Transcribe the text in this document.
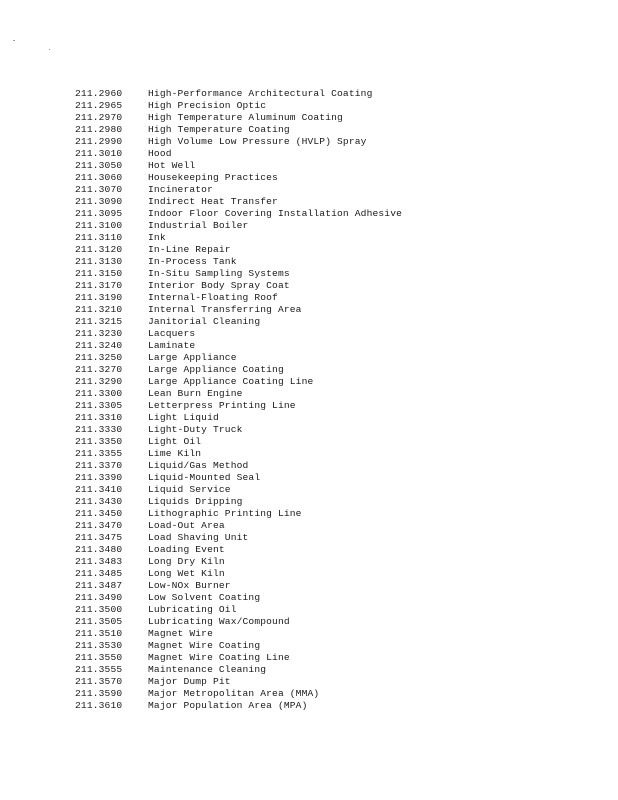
211.2960	High-Performance Architectural Coating
211.2965	High Precision Optic
211.2970	High Temperature Aluminum Coating
211.2980	High Temperature Coating
211.2990	High Volume Low Pressure (HVLP) Spray
211.3010	Hood
211.3050	Hot Well
211.3060	Housekeeping Practices
211.3070	Incinerator
211.3090	Indirect Heat Transfer
211.3095	Indoor Floor Covering Installation Adhesive
211.3100	Industrial Boiler
211.3110	Ink
211.3120	In-Line Repair
211.3130	In-Process Tank
211.3150	In-Situ Sampling Systems
211.3170	Interior Body Spray Coat
211.3190	Internal-Floating Roof
211.3210	Internal Transferring Area
211.3215	Janitorial Cleaning
211.3230	Lacquers
211.3240	Laminate
211.3250	Large Appliance
211.3270	Large Appliance Coating
211.3290	Large Appliance Coating Line
211.3300	Lean Burn Engine
211.3305	Letterpress Printing Line
211.3310	Light Liquid
211.3330	Light-Duty Truck
211.3350	Light Oil
211.3355	Lime Kiln
211.3370	Liquid/Gas Method
211.3390	Liquid-Mounted Seal
211.3410	Liquid Service
211.3430	Liquids Dripping
211.3450	Lithographic Printing Line
211.3470	Load-Out Area
211.3475	Load Shaving Unit
211.3480	Loading Event
211.3483	Long Dry Kiln
211.3485	Long Wet Kiln
211.3487	Low-NOx Burner
211.3490	Low Solvent Coating
211.3500	Lubricating Oil
211.3505	Lubricating Wax/Compound
211.3510	Magnet Wire
211.3530	Magnet Wire Coating
211.3550	Magnet Wire Coating Line
211.3555	Maintenance Cleaning
211.3570	Major Dump Pit
211.3590	Major Metropolitan Area (MMA)
211.3610	Major Population Area (MPA)
